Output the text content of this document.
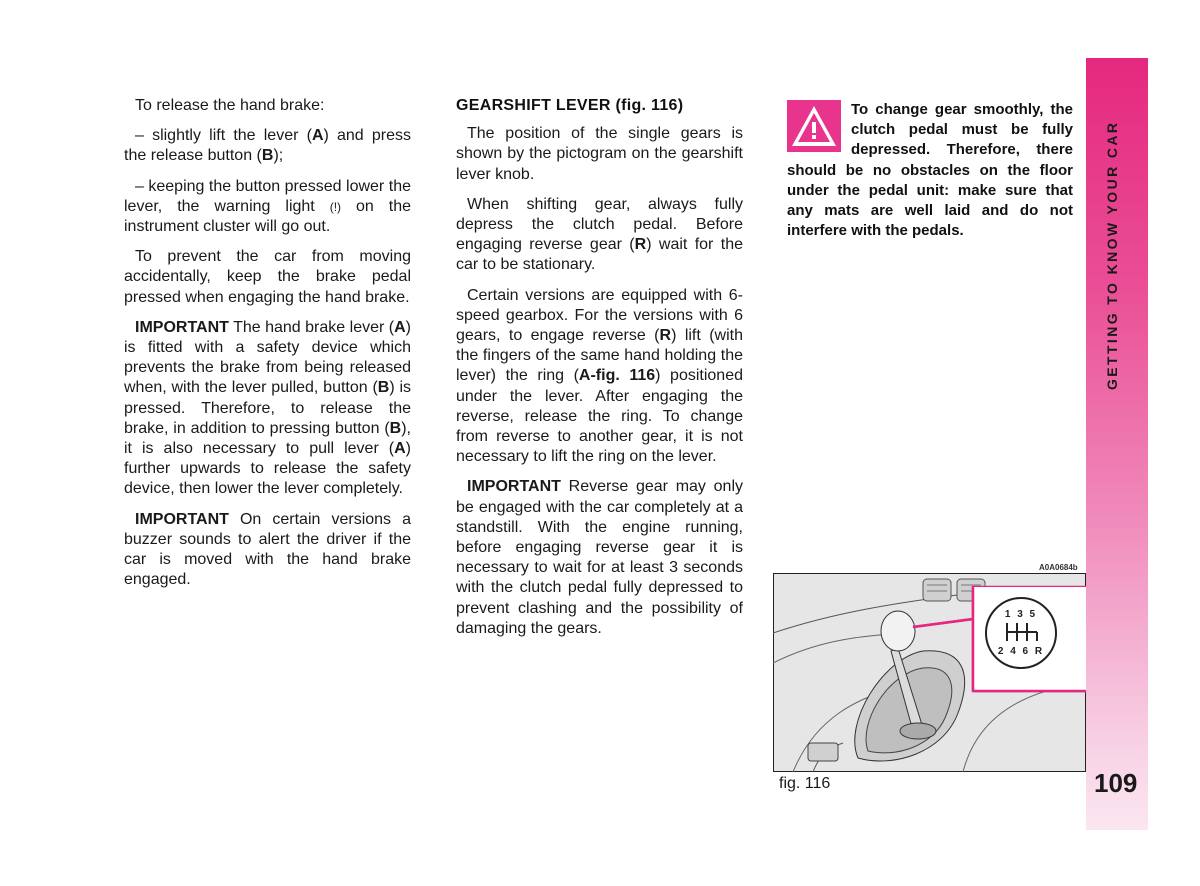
GETTING TO KNOW YOUR CAR
109

To release the hand brake:

– slightly lift the lever (A) and press the release button (B);

– keeping the button pressed lower the lever, the warning light (!) on the instrument cluster will go out.

To prevent the car from moving accidentally, keep the brake pedal pressed when engaging the hand brake.

IMPORTANT The hand brake lever (A) is fitted with a safety device which prevents the brake from being released when, with the lever pulled, button (B) is pressed. Therefore, to release the brake, in addition to pressing button (B), it is also necessary to pull lever (A) further upwards to release the safety device, then lower the lever completely.

IMPORTANT On certain versions a buzzer sounds to alert the driver if the car is moved with the hand brake engaged.

GEARSHIFT LEVER (fig. 116)

The position of the single gears is shown by the pictogram on the gearshift lever knob.

When shifting gear, always fully depress the clutch pedal. Before engaging reverse gear (R) wait for the car to be stationary.

Certain versions are equipped with 6-speed gearbox. For the versions with 6 gears, to engage reverse (R) lift (with the fingers of the same hand holding the lever) the ring (A-fig. 116) positioned under the lever. After engaging the reverse, release the ring. To change from reverse to another gear, it is not necessary to lift the ring on the lever.

IMPORTANT Reverse gear may only be engaged with the car completely at a standstill. With the engine running, before engaging reverse gear it is necessary to wait for at least 3 seconds with the clutch pedal fully depressed to prevent clashing and the possibility of damaging the gears.

To change gear smoothly, the clutch pedal must be fully depressed. Therefore, there should be no obstacles on the floor under the pedal unit: make sure that any mats are well laid and do not interfere with the pedals.
A0A0684b
1 3 5
2 4 6 R
fig. 116
